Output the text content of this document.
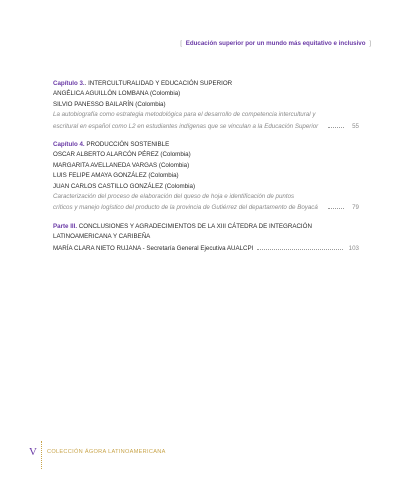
[ Educación superior por un mundo más equitativo e inclusivo ]
Capítulo 3.. INTERCULTURALIDAD Y EDUCACIÓN SUPERIOR
ANGÉLICA AGUILLÓN LOMBANA (Colombia)
SILVIO PANESSO BAILARÍN (Colombia)
La autobiografía como estrategia metodológica para el desarrollo de competencia intercultural y
escritural en español como L2 en estudiantes indígenas que se vinculan a la Educación Superior	55
Capítulo 4. PRODUCCIÓN SOSTENIBLE
OSCAR ALBERTO ALARCÓN PÉREZ (Colombia)
MARGARITA AVELLANEDA VARGAS (Colombia)
LUIS FELIPE AMAYA GONZÁLEZ (Colombia)
JUAN CARLOS CASTILLO GONZÁLEZ (Colombia)
Caracterización del proceso de elaboración del queso de hoja e identificación de puntos
críticos y manejo logístico del producto de la provincia de Gutiérrez del departamento de Boyacá	79
Parte III. CONCLUSIONES Y AGRADECIMIENTOS DE LA XIII CÁTEDRA DE INTEGRACIÓN
LATINOAMERICANA Y CARIBEÑA
MARÍA CLARA NIETO RUJANA - Secretaría General Ejecutiva AUALCPI	103
V COLECCIÓN ÁGORA LATINOAMERICANA
